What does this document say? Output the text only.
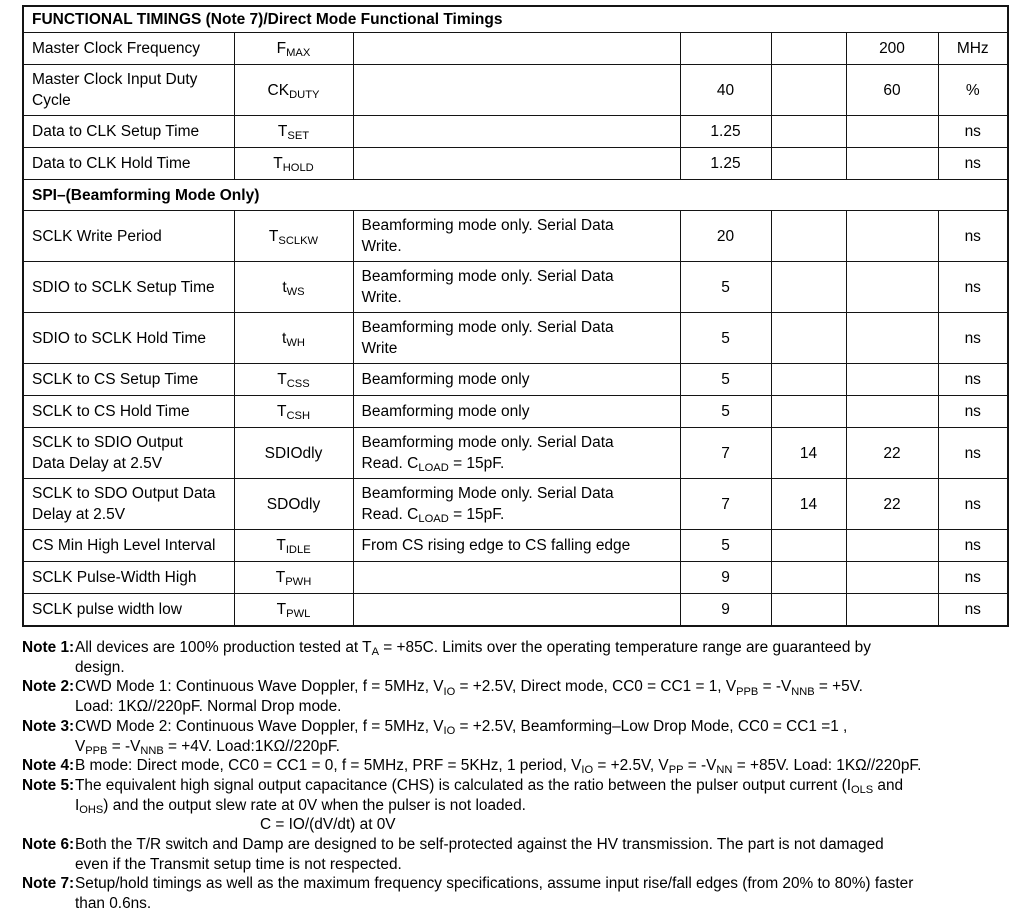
FUNCTIONAL TIMINGS (Note 7)/Direct Mode Functional Timings						
Master Clock Frequency	$F_{MAX}$				200	MHz
Master Clock Input Duty
Cycle	$CK_{DUTY}$		40		60	%
Data to CLK Setup Time	$T_{SET}$		1.25			ns
Data to CLK Hold Time	$T_{HOLD}$		1.25			ns
SPI–(Beamforming Mode Only)						
SCLK Write Period	$T_{SCLKW}$	Beamforming mode only. Serial Data
Write.	20			ns
SDIO to SCLK Setup Time	$t_{WS}$	Beamforming mode only. Serial Data
Write.	5			ns
SDIO to SCLK Hold Time	$t_{WH}$	Beamforming mode only. Serial Data
Write	5			ns
SCLK to CS Setup Time	$T_{CSS}$	Beamforming mode only	5			ns
SCLK to CS Hold Time	$T_{CSH}$	Beamforming mode only	5			ns
SCLK to SDIO Output
Data Delay at 2.5V	SDIOdly	Beamforming mode only. Serial Data
Read. $C_{LOAD} = 15pF$.	7	14	22	ns
SCLK to SDO Output Data
Delay at 2.5V	SDOdly	Beamforming Mode only. Serial Data
Read. $C_{LOAD} = 15pF$.	7	14	22	ns
CS Min High Level Interval	$T_{IDLE}$	From CS rising edge to CS falling edge	5			ns
SCLK Pulse-Width High	$T_{PWH}$		9			ns
SCLK pulse width low	$T_{PWL}$		9			ns
Note 1: All devices are 100% production tested at $T_A = +85C$. Limits over the operating temperature range are guaranteed by
design.
Note 2: CWD Mode 1: Continuous Wave Doppler, f = 5MHz, $V_{IO} = +2.5V$, Direct mode, CC0 = CC1 = 1, $V_{PPB} = -V_{NNB} = +5V$.
Load: 1KΩ//220pF. Normal Drop mode.
Note 3: CWD Mode 2: Continuous Wave Doppler, f = 5MHz, $V_{IO} = +2.5V$, Beamforming–Low Drop Mode, CC0 = CC1 =1 ,
$V_{PPB} = -V_{NNB} = +4V$. Load:1KΩ//220pF.
Note 4: B mode: Direct mode, CC0 = CC1 = 0, f = 5MHz, PRF = 5KHz, 1 period, $V_{IO} = +2.5V$, $V_{PP} = -V_{NN} = +85V$. Load: 1KΩ//220pF.
Note 5: The equivalent high signal output capacitance (CHS) is calculated as the ratio between the pulser output current ($I_{OLS}$ and
$I_{OHS}$) and the output slew rate at 0V when the pulser is not loaded.
C = IO/(dV/dt) at 0V
Note 6: Both the T/R switch and Damp are designed to be self-protected against the HV transmission. The part is not damaged
even if the Transmit setup time is not respected.
Note 7: Setup/hold timings as well as the maximum frequency specifications, assume input rise/fall edges (from 20% to 80%) faster
than 0.6ns.
